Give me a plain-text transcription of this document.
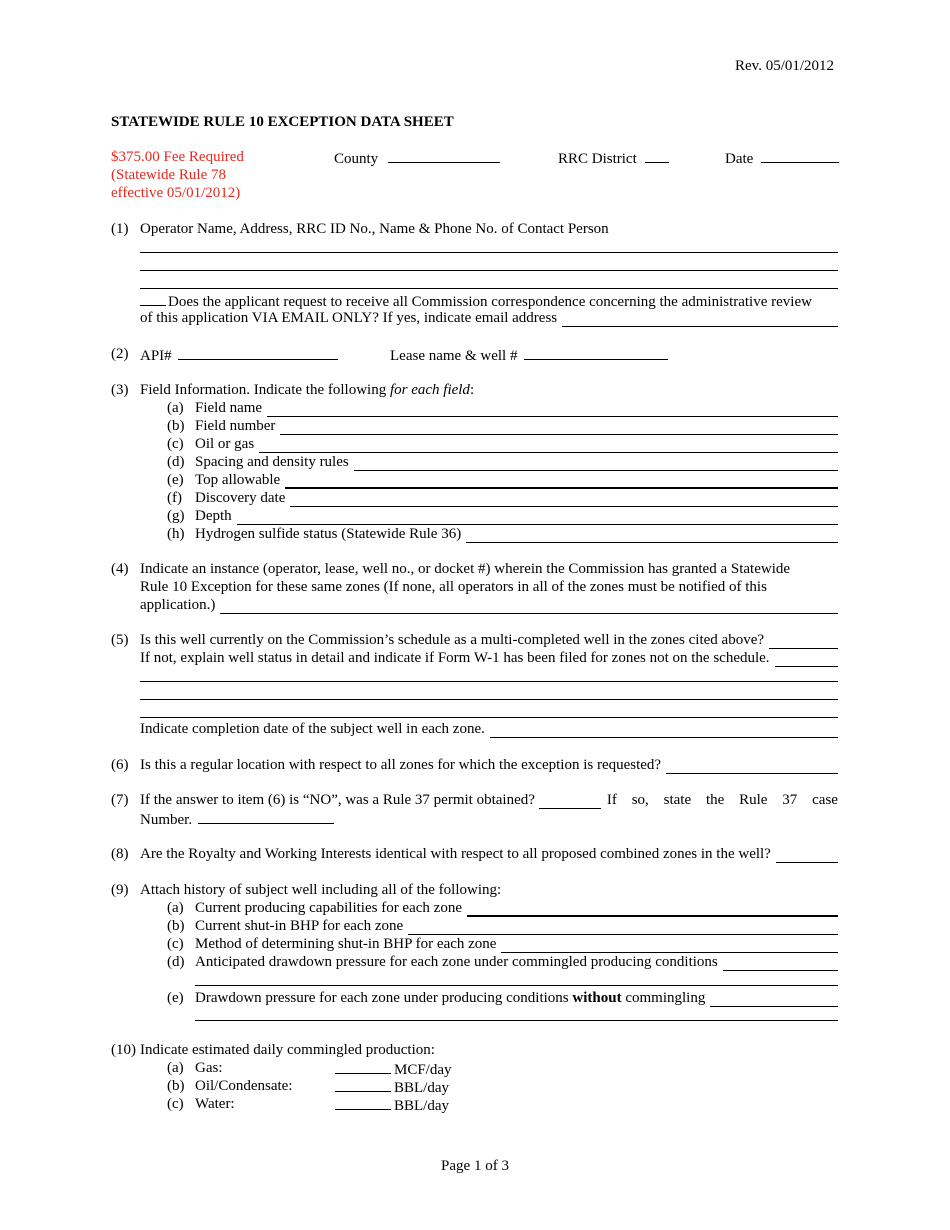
Rev. 05/01/2012
STATEWIDE RULE 10 EXCEPTION DATA SHEET
$375.00 Fee Required
(Statewide Rule 78
effective 05/01/2012)
County	RRC District	Date
(1) Operator Name, Address, RRC ID No., Name & Phone No. of Contact Person
Does the applicant request to receive all Commission correspondence concerning the administrative review
of this application VIA EMAIL ONLY? If yes, indicate email address
(2) API#	Lease name & well #
(3) Field Information. Indicate the following for each field:
(a) Field name
(b) Field number
(c) Oil or gas
(d) Spacing and density rules
(e) Top allowable
(f) Discovery date
(g) Depth
(h) Hydrogen sulfide status (Statewide Rule 36)
(4) Indicate an instance (operator, lease, well no., or docket #) wherein the Commission has granted a Statewide
Rule 10 Exception for these same zones (If none, all operators in all of the zones must be notified of this
application.)
(5) Is this well currently on the Commission’s schedule as a multi-completed well in the zones cited above?
If not, explain well status in detail and indicate if Form W-1 has been filed for zones not on the schedule.
Indicate completion date of the subject well in each zone.
(6) Is this a regular location with respect to all zones for which the exception is requested?
(7) If the answer to item (6) is “NO”, was a Rule 37 permit obtained?	If so, state the Rule 37 case
Number.
(8) Are the Royalty and Working Interests identical with respect to all proposed combined zones in the well?
(9) Attach history of subject well including all of the following:
(a) Current producing capabilities for each zone
(b) Current shut-in BHP for each zone
(c) Method of determining shut-in BHP for each zone
(d) Anticipated drawdown pressure for each zone under commingled producing conditions
(e) Drawdown pressure for each zone under producing conditions without commingling
(10) Indicate estimated daily commingled production:
(a) Gas:	MCF/day
(b) Oil/Condensate:	BBL/day
(c) Water:	BBL/day
Page 1 of 3
